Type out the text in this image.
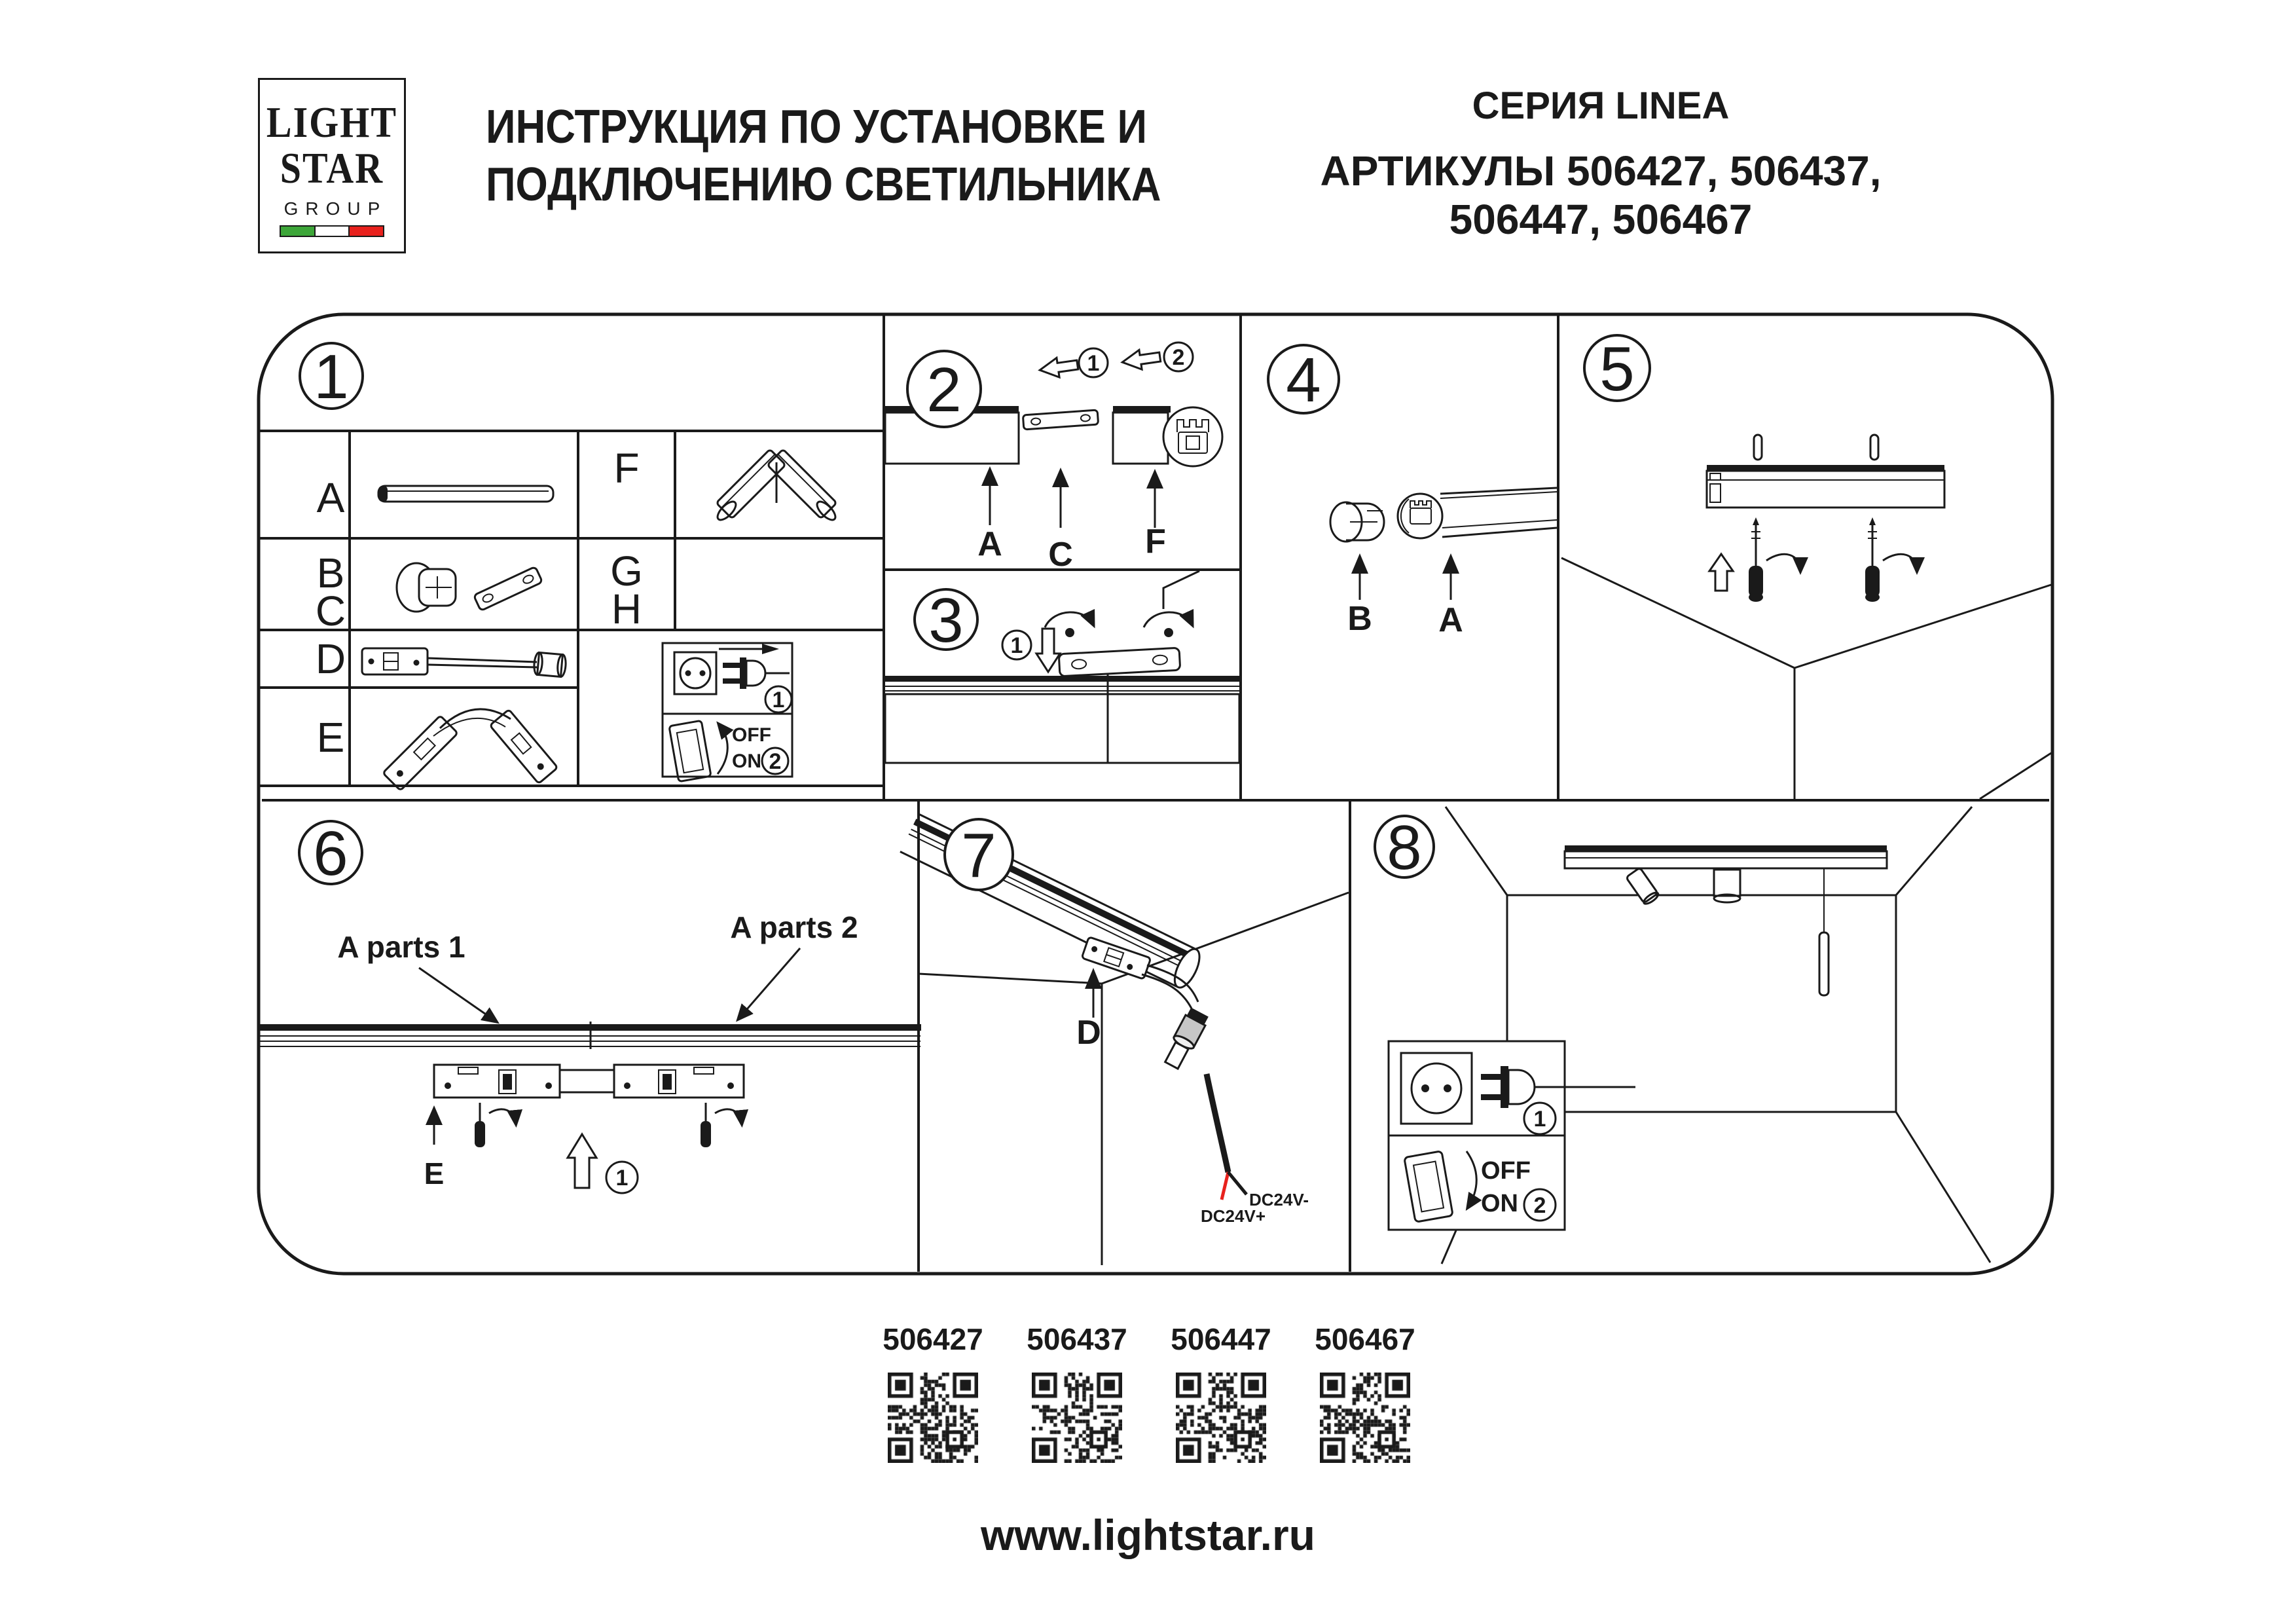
LIGHT
STAR
GROUP
ИНСТРУКЦИЯ ПО УСТАНОВКЕ И
ПОДКЛЮЧЕНИЮ СВЕТИЛЬНИКА
СЕРИЯ LINEA
АРТИКУЛЫ 506427, 506437,
506447, 506467
1
A
B
C
D
E
F
G
H
1
OFF
ON 2
1	2
A C F
2
3 1
4
B A
5
6
A parts 1
A parts 2
E	1
DC24V-
DC24V+
D
7	8
1
OFF
ON 2
506427	506437	506447	506467
www.lightstar.ru
